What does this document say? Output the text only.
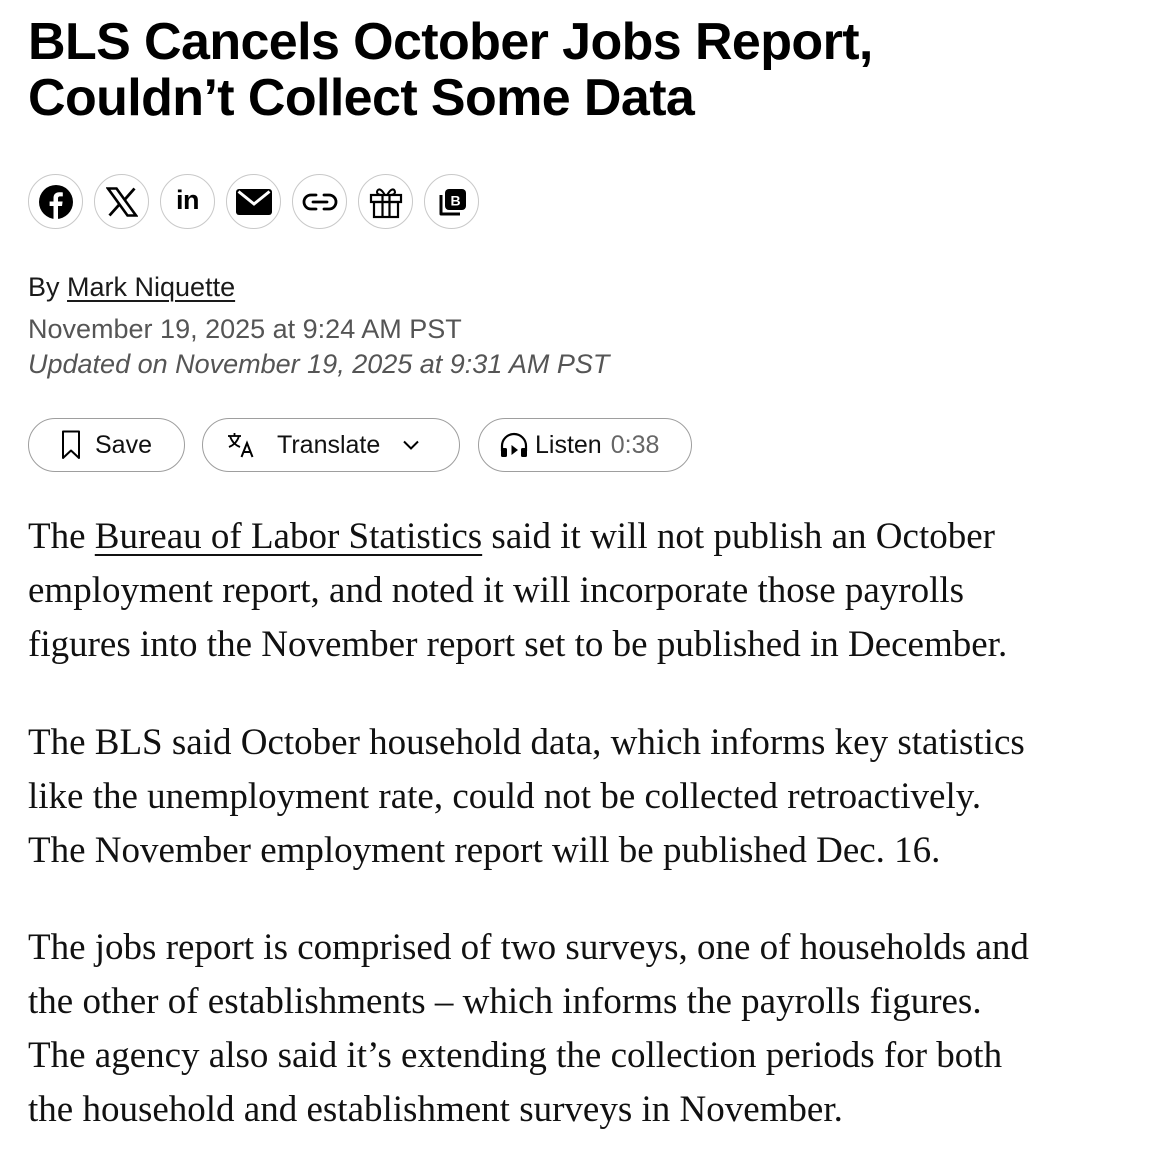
BLS Cancels October Jobs Report,
Couldn’t Collect Some Data
in	B
By Mark Niquette
November 19, 2025 at 9:24 AM PST
Updated on November 19, 2025 at 9:31 AM PST
Save	Translate	Listen 0:38

The Bureau of Labor Statistics said it will not publish an October
employment report, and noted it will incorporate those payrolls
figures into the November report set to be published in December.

The BLS said October household data, which informs key statistics
like the unemployment rate, could not be collected retroactively.
The November employment report will be published Dec. 16.

The jobs report is comprised of two surveys, one of households and
the other of establishments – which informs the payrolls figures.
The agency also said it’s extending the collection periods for both
the household and establishment surveys in November.
